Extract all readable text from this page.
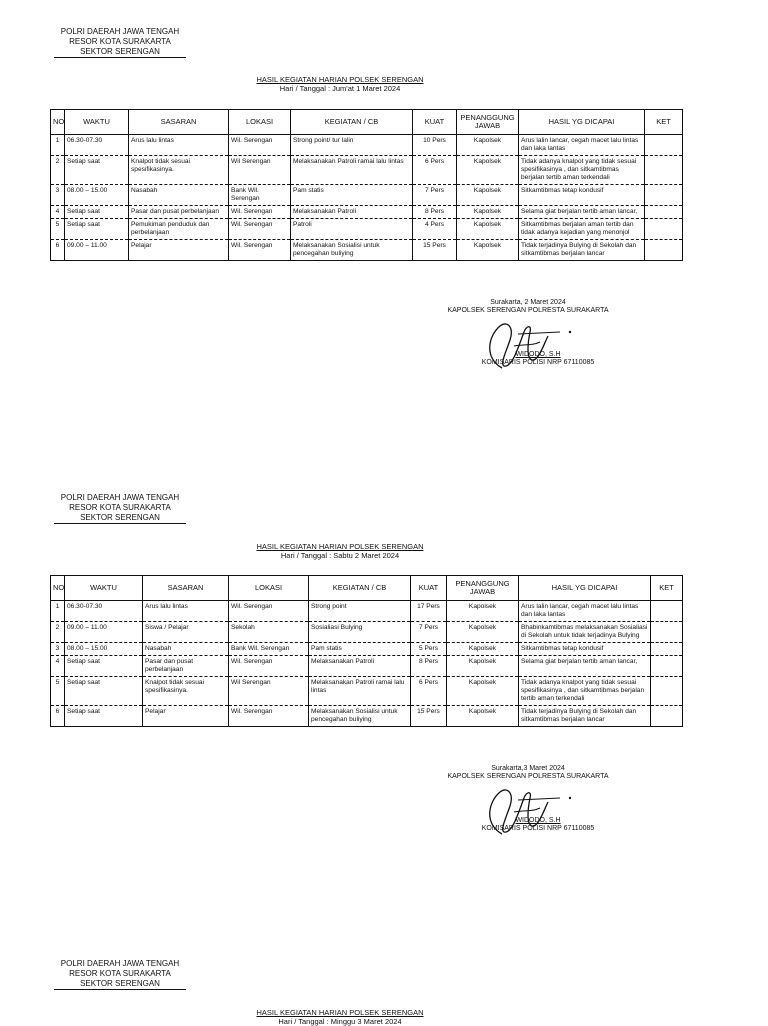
POLRI DAERAH JAWA TENGAH
RESOR KOTA SURAKARTA
SEKTOR SERENGAN
HASIL KEGIATAN HARIAN POLSEK SERENGAN
Hari / Tanggal : Jum'at 1 Maret 2024
NO	WAKTU	SASARAN	LOKASI	KEGIATAN / CB	KUAT	PENANGGUNG JAWAB	HASIL YG DICAPAI	KET
1	06.30-07.30	Arus lalu lintas	Wil. Serengan	Strong point/ tur lalin	10 Pers	Kapolsek	Arus lalin lancar, cegah macet lalu lintas dan laka lantas	
2	Setiap saat	Knalpot tidak sesuai spesifikasinya.	Wil Serengan	Melaksanakan Patroli ramai lalu lintas	6 Pers	Kapolsek	Tidak adanya knalpot yang tidak sesuai spesifikasinya , dan sitkamtibmas berjalan tertib aman terkendali	
3	08.00 – 15.00	Nasabah	Bank Wil. Serengan	Pam statis	7 Pers	Kapolsek	Sitkamtibmas tetap kondusif	
4	Setiap saat	Pasar dan pusat perbelanjaan	Wil. Serengan	Melaksanakan Patroli	8 Pers	Kapolsek	Selama giat berjalan tertib aman lancar,	
5	Setiap saat	Pemukiman penduduk dan perbelanjaan	Wil. Serengan	Patroli	4 Pers	Kapolsek	Sitkamtibmas berjalan aman tertib dan tidak adanya kejadian yang menonjol	
6	09.00 – 11.00	Pelajar	Wil. Serengan	Melaksanakan Sosialisi untuk pencegahan buliying	15 Pers	Kapolsek	Tidak terjadinya Bulying di Sekolah dan sitkamtibmas berjalan lancar	
Surakarta, 2 Maret 2024
KAPOLSEK SERENGAN POLRESTA SURAKARTA
WIDODO, S.H
KOMISARIS POLISI NRP 67110085
POLRI DAERAH JAWA TENGAH
RESOR KOTA SURAKARTA
SEKTOR SERENGAN
HASIL KEGIATAN HARIAN POLSEK SERENGAN
Hari / Tanggal : Sabtu 2 Maret 2024
NO	WAKTU	SASARAN	LOKASI	KEGIATAN / CB	KUAT	PENANGGUNG JAWAB	HASIL YG DICAPAI	KET
1	06.30-07.30	Arus lalu lintas	Wil. Serengan	Strong point	17 Pers	Kapolsek	Arus lalin lancar, cegah macet lalu lintas dan laka lantas	
2	09.00 – 11.00	Siswa / Pelajar	Sekolah	Sosialiasi Bulying	7 Pers	Kapolsek	Bhabinkamtibmas melaksanakan Sosialiasi di Sekolah untuk tidak terjadinya Bulying	
3	08.00 – 15.00	Nasabah	Bank Wil. Serengan	Pam statis	5 Pers	Kapolsek	Sitkamtibmas tetap kondusif	
4	Setiap saat	Pasar dan pusat perbelanjaan	Wil. Serengan	Melaksanakan Patroli	8 Pers	Kapolsek	Selama giat berjalan tertib aman lancar,	
5	Setiap saat	Knalpot tidak sesuai spesifikasinya.	Wil Serengan	Melaksanakan Patroli ramai lalu lintas	6 Pers	Kapolsek	Tidak adanya knalpot yang tidak sesuai spesifikasinya , dan sitkamtibmas berjalan tertib aman terkendali	
6	Setiap saat	Pelajar	Wil. Serengan	Melaksanakan Sosialisi untuk pencegahan buliying	15 Pers	Kapolsek	Tidak terjadinya Bulying di Sekolah dan sitkamtibmas berjalan lancar	
Surakarta,3 Maret 2024
KAPOLSEK SERENGAN POLRESTA SURAKARTA
WIDODO, S.H
KOMISARIS POLISI NRP 67110085
POLRI DAERAH JAWA TENGAH
RESOR KOTA SURAKARTA
SEKTOR SERENGAN
HASIL KEGIATAN HARIAN POLSEK SERENGAN
Hari / Tanggal : Minggu 3 Maret 2024
